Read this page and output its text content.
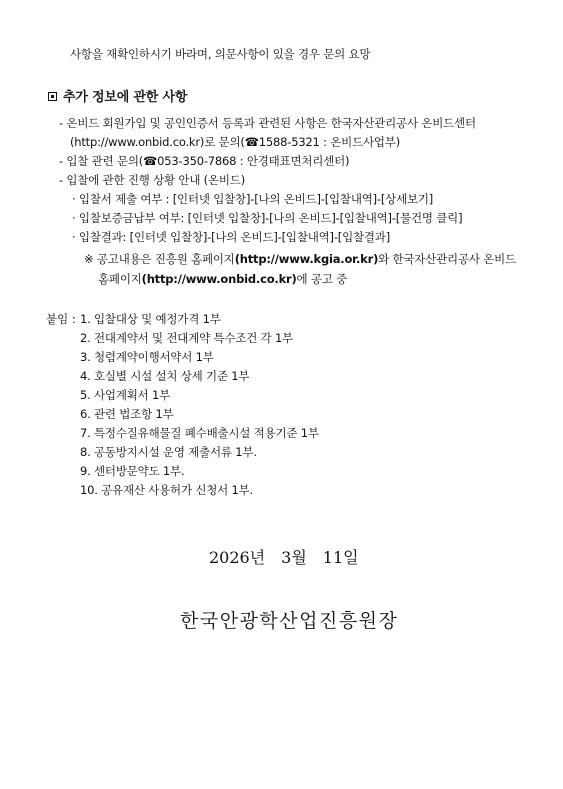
사항을 재확인하시기 바라며, 의문사항이 있을 경우 문의 요망
추가 정보에 관한 사항
- 온비드 회원가입 및 공인인증서 등록과 관련된 사항은 한국자산관리공사 온비드센터
(http://www.onbid.co.kr)로 문의(☎1588-5321 : 온비드사업부)
- 입찰 관련 문의(☎053-350-7868 : 안경태표면처리센터)
- 입찰에 관한 진행 상황 안내 (온비드)
· 입찰서 제출 여부 : [인터넷 입찰창]-[나의 온비드]-[입찰내역]-[상세보기]
· 입찰보증금납부 여부: [인터넷 입찰창]-[나의 온비드]-[입찰내역]-[물건명 클릭]
· 입찰결과: [인터넷 입찰창]-[나의 온비드]-[입찰내역]-[입찰결과]
※ 공고내용은 진흥원 홈페이지(http://www.kgia.or.kr)와 한국자산관리공사 온비드
홈페이지(http://www.onbid.co.kr)에 공고 중
붙임 : 1. 입찰대상 및 예정가격 1부
2. 전대계약서 및 전대계약 특수조건 각 1부
3. 청렴계약이행서약서 1부
4. 호실별 시설 설치 상세 기준 1부
5. 사업계획서 1부
6. 관련 법조항 1부
7. 특정수질유해물질 폐수배출시설 적용기준 1부
8. 공동방지시설 운영 제출서류 1부.
9. 센터방문약도 1부.
10. 공유재산 사용허가 신청서 1부.
2026년　3월　11일
한국안광학산업진흥원장
